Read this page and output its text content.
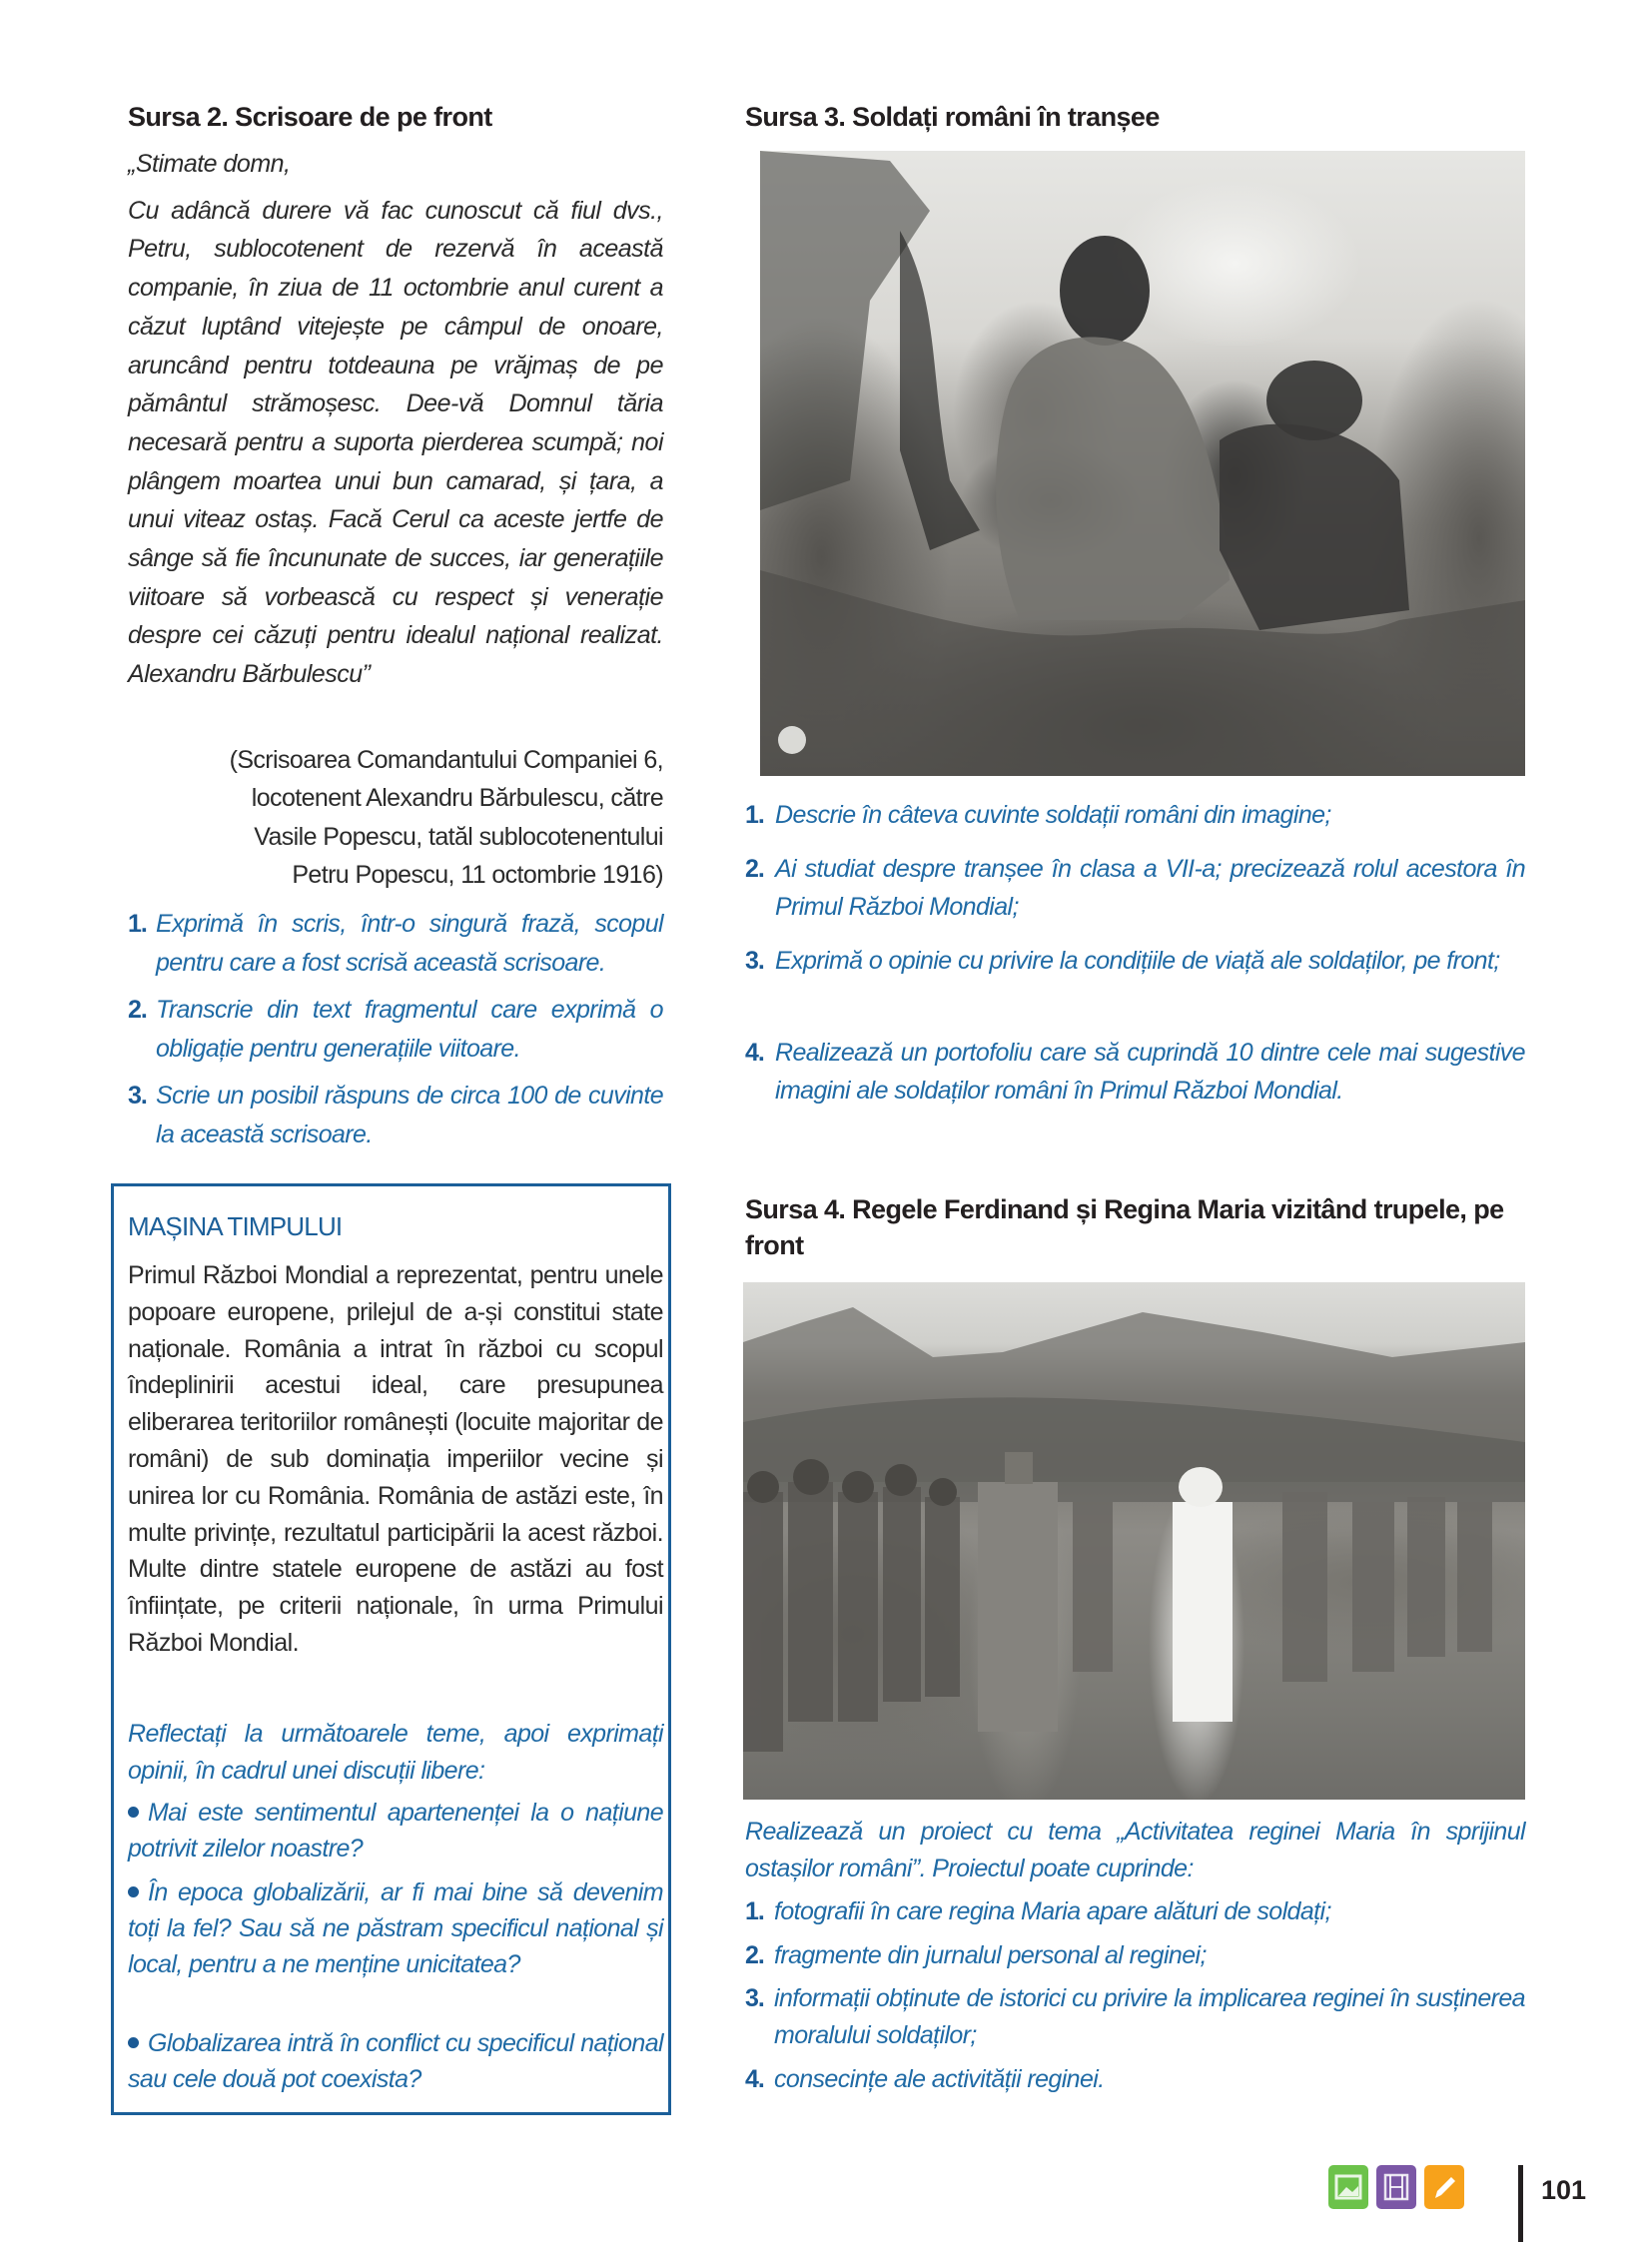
Sursa 2. Scrisoare de pe front

„Stimate domn,

Cu adâncă durere vă fac cunoscut că fiul dvs., Petru, sublocotenent de rezervă în această companie, în ziua de 11 octombrie anul curent a căzut luptând vitejește pe câmpul de onoare, aruncând pentru totdeauna pe vrăjmaș de pe pământul strămoșesc. Dee-vă Domnul tăria necesară pentru a suporta pierderea scumpă; noi plângem moartea unui bun camarad, și țara, a unui viteaz ostaș. Facă Cerul ca aceste jertfe de sânge să fie încununate de succes, iar generațiile viitoare să vorbească cu respect și venerație despre cei căzuți pentru idealul național realizat. Alexandru Bărbulescu”

(Scrisoarea Comandantului Companiei 6,
locotenent Alexandru Bărbulescu, către
Vasile Popescu, tatăl sublocotenentului
Petru Popescu, 11 octombrie 1916)
1. Exprimă în scris, într-o singură frază, scopul pentru care a fost scrisă această scrisoare.
2. Transcrie din text fragmentul care exprimă o obligație pentru generațiile viitoare.
3. Scrie un posibil răspuns de circa 100 de cuvinte la această scrisoare.
MAȘINA TIMPULUI
Primul Război Mondial a reprezentat, pentru unele popoare europene, prilejul de a-și constitui state naționale. România a intrat în război cu scopul îndeplinirii acestui ideal, care presupunea eliberarea teritoriilor românești (locuite majoritar de români) de sub dominația imperiilor vecine și unirea lor cu România. România de astăzi este, în multe privințe, rezultatul participării la acest război. Multe dintre statele europene de astăzi au fost înființate, pe criterii naționale, în urma Primului Război Mondial.
Reflectați la următoarele teme, apoi exprimați opinii, în cadrul unei discuții libere:
Mai este sentimentul apartenenței la o națiune potrivit zilelor noastre?
În epoca globalizării, ar fi mai bine să devenim toți la fel? Sau să ne păstram specificul național și local, pentru a ne menține unicitatea?
Globalizarea intră în conflict cu specificul național sau cele două pot coexista?
Sursa 3. Soldați români în tranșee
1. Descrie în câteva cuvinte soldații români din imagine;
2. Ai studiat despre tranșee în clasa a VII-a; precizează rolul acestora în Primul Război Mondial;
3. Exprimă o opinie cu privire la condițiile de viață ale soldaților, pe front;
4. Realizează un portofoliu care să cuprindă 10 dintre cele mai sugestive imagini ale soldaților români în Primul Război Mondial.
Sursa 4. Regele Ferdinand și Regina Maria vizitând trupele, pe front
Realizează un proiect cu tema „Activitatea reginei Maria în sprijinul ostașilor români”. Proiectul poate cuprinde:
1. fotografii în care regina Maria apare alături de soldați;
2. fragmente din jurnalul personal al reginei;
3. informații obținute de istorici cu privire la implicarea reginei în susținerea moralului soldaților;
4. consecințe ale activității reginei.
101
